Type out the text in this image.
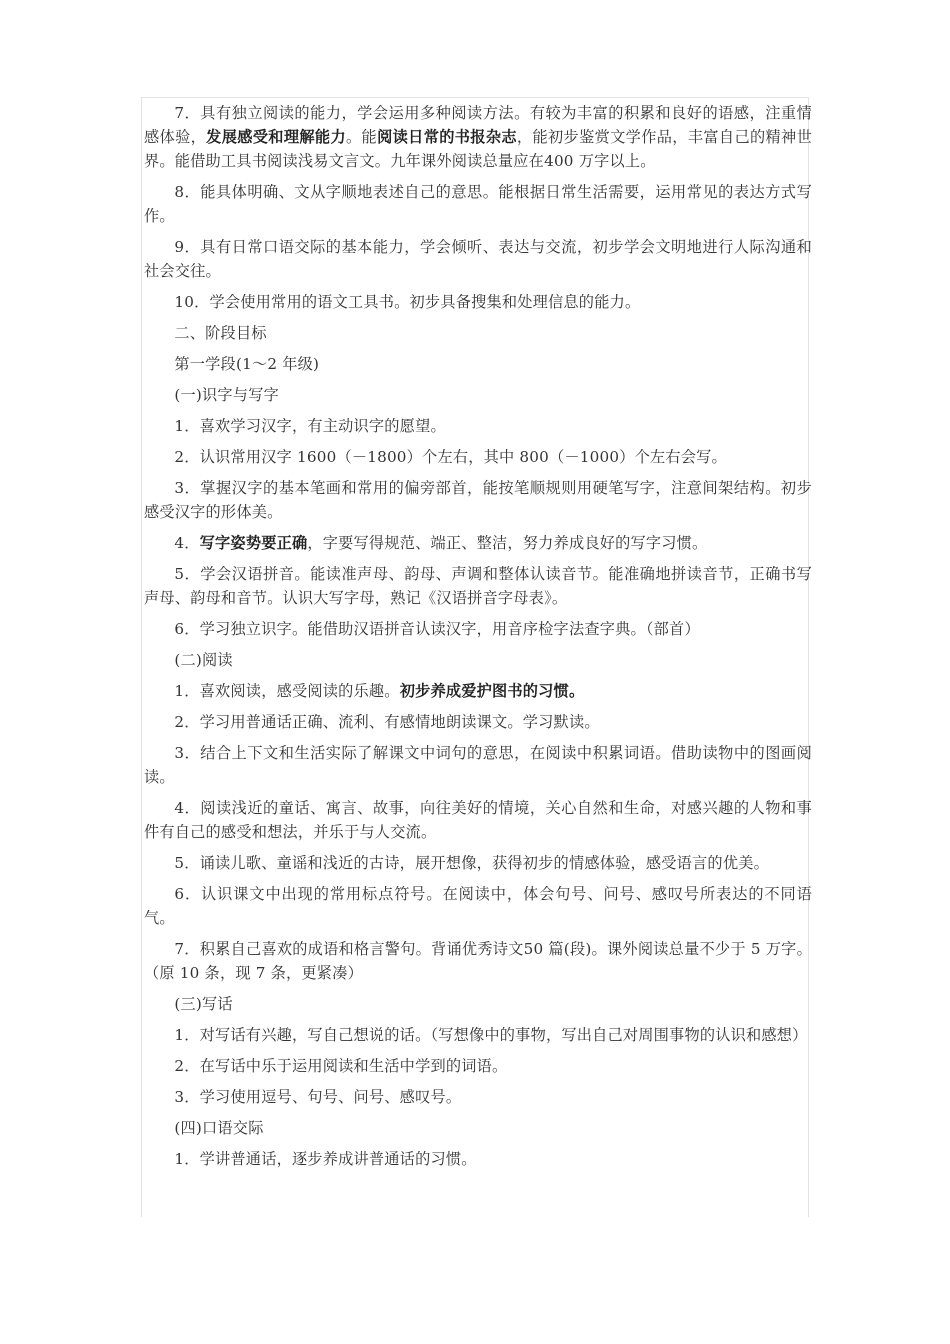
7．具有独立阅读的能力，学会运用多种阅读方法。有较为丰富的积累和良好的语感，注重情感体验，发展感受和理解能力。能阅读日常的书报杂志，能初步鉴赏文学作品，丰富自己的精神世界。能借助工具书阅读浅易文言文。九年课外阅读总量应在400 万字以上。

8．能具体明确、文从字顺地表述自己的意思。能根据日常生活需要，运用常见的表达方式写作。

9．具有日常口语交际的基本能力，学会倾听、表达与交流，初步学会文明地进行人际沟通和社会交往。

10．学会使用常用的语文工具书。初步具备搜集和处理信息的能力。

二、阶段目标

第一学段(1～2 年级)

(一)识字与写字

1．喜欢学习汉字，有主动识字的愿望。

2．认识常用汉字 1600（－1800）个左右，其中 800（－1000）个左右会写。

3．掌握汉字的基本笔画和常用的偏旁部首，能按笔顺规则用硬笔写字，注意间架结构。初步感受汉字的形体美。

4．写字姿势要正确，字要写得规范、端正、整洁，努力养成良好的写字习惯。

5．学会汉语拼音。能读准声母、韵母、声调和整体认读音节。能准确地拼读音节，正确书写声母、韵母和音节。认识大写字母，熟记《汉语拼音字母表》。

6．学习独立识字。能借助汉语拼音认读汉字，用音序检字法查字典。（部首）

(二)阅读

1．喜欢阅读，感受阅读的乐趣。初步养成爱护图书的习惯。

2．学习用普通话正确、流利、有感情地朗读课文。学习默读。

3．结合上下文和生活实际了解课文中词句的意思，在阅读中积累词语。借助读物中的图画阅读。

4．阅读浅近的童话、寓言、故事，向往美好的情境，关心自然和生命，对感兴趣的人物和事件有自己的感受和想法，并乐于与人交流。

5．诵读儿歌、童谣和浅近的古诗，展开想像，获得初步的情感体验，感受语言的优美。

6．认识课文中出现的常用标点符号。在阅读中，体会句号、问号、感叹号所表达的不同语气。

7．积累自己喜欢的成语和格言警句。背诵优秀诗文50 篇(段)。课外阅读总量不少于 5 万字。（原 10 条，现 7 条，更紧凑）

(三)写话

1．对写话有兴趣，写自己想说的话。（写想像中的事物，写出自己对周围事物的认识和感想）

2．在写话中乐于运用阅读和生活中学到的词语。

3．学习使用逗号、句号、问号、感叹号。

(四)口语交际

1．学讲普通话，逐步养成讲普通话的习惯。
